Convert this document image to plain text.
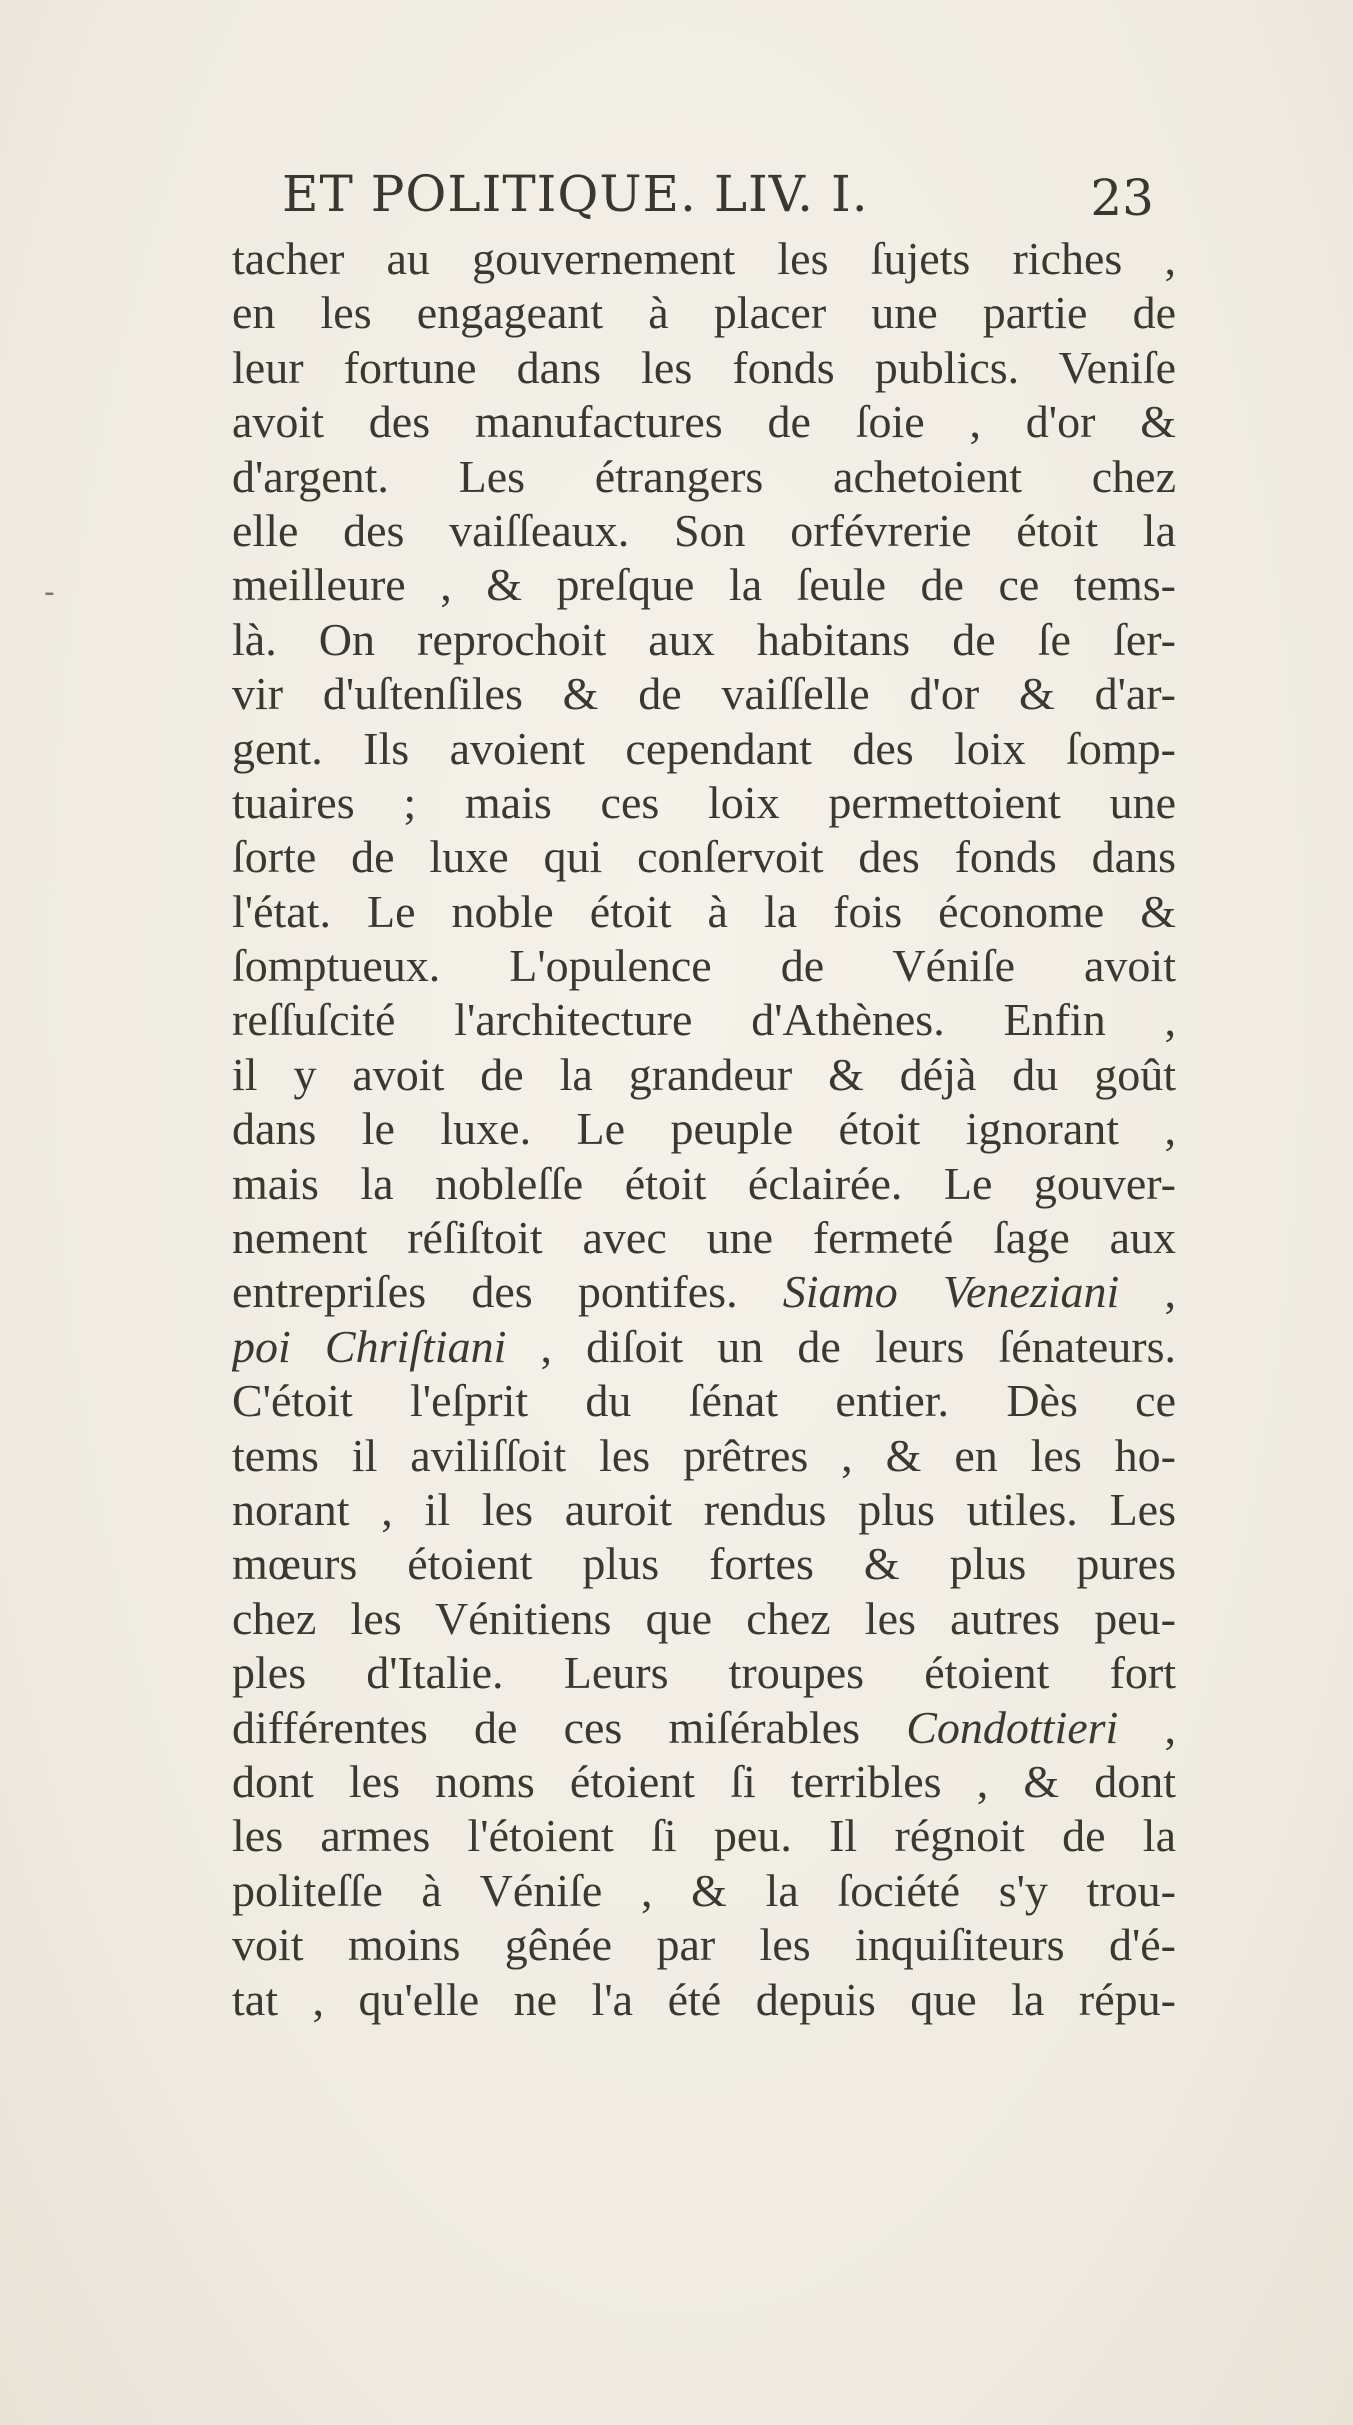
ET POLITIQUE. LIV. I.	23
-
tacher au gouvernement les ſujets riches ,
en les engageant à placer une partie de
leur fortune dans les fonds publics. Veniſe
avoit des manufactures de ſoie , d'or &
d'argent. Les étrangers achetoient chez
elle des vaiſſeaux. Son orfévrerie étoit la
meilleure , & preſque la ſeule de ce tems-
là. On reprochoit aux habitans de ſe ſer-
vir d'uſtenſiles & de vaiſſelle d'or & d'ar-
gent. Ils avoient cependant des loix ſomp-
tuaires ; mais ces loix permettoient une
ſorte de luxe qui conſervoit des fonds dans
l'état. Le noble étoit à la fois économe &
ſomptueux. L'opulence de Véniſe avoit
reſſuſcité l'architecture d'Athènes. Enfin ,
il y avoit de la grandeur & déjà du goût
dans le luxe. Le peuple étoit ignorant ,
mais la nobleſſe étoit éclairée. Le gouver-
nement réſiſtoit avec une fermeté ſage aux
entrepriſes des pontifes. Siamo Veneziani ,
poi Chriſtiani , diſoit un de leurs ſénateurs.
C'étoit l'eſprit du ſénat entier. Dès ce
tems il aviliſſoit les prêtres , & en les ho-
norant , il les auroit rendus plus utiles. Les
mœurs étoient plus fortes & plus pures
chez les Vénitiens que chez les autres peu-
ples d'Italie. Leurs troupes étoient fort
différentes de ces miſérables Condottieri ,
dont les noms étoient ſi terribles , & dont
les armes l'étoient ſi peu. Il régnoit de la
politeſſe à Véniſe , & la ſociété s'y trou-
voit moins gênée par les inquiſiteurs d'é-
tat , qu'elle ne l'a été depuis que la répu-
